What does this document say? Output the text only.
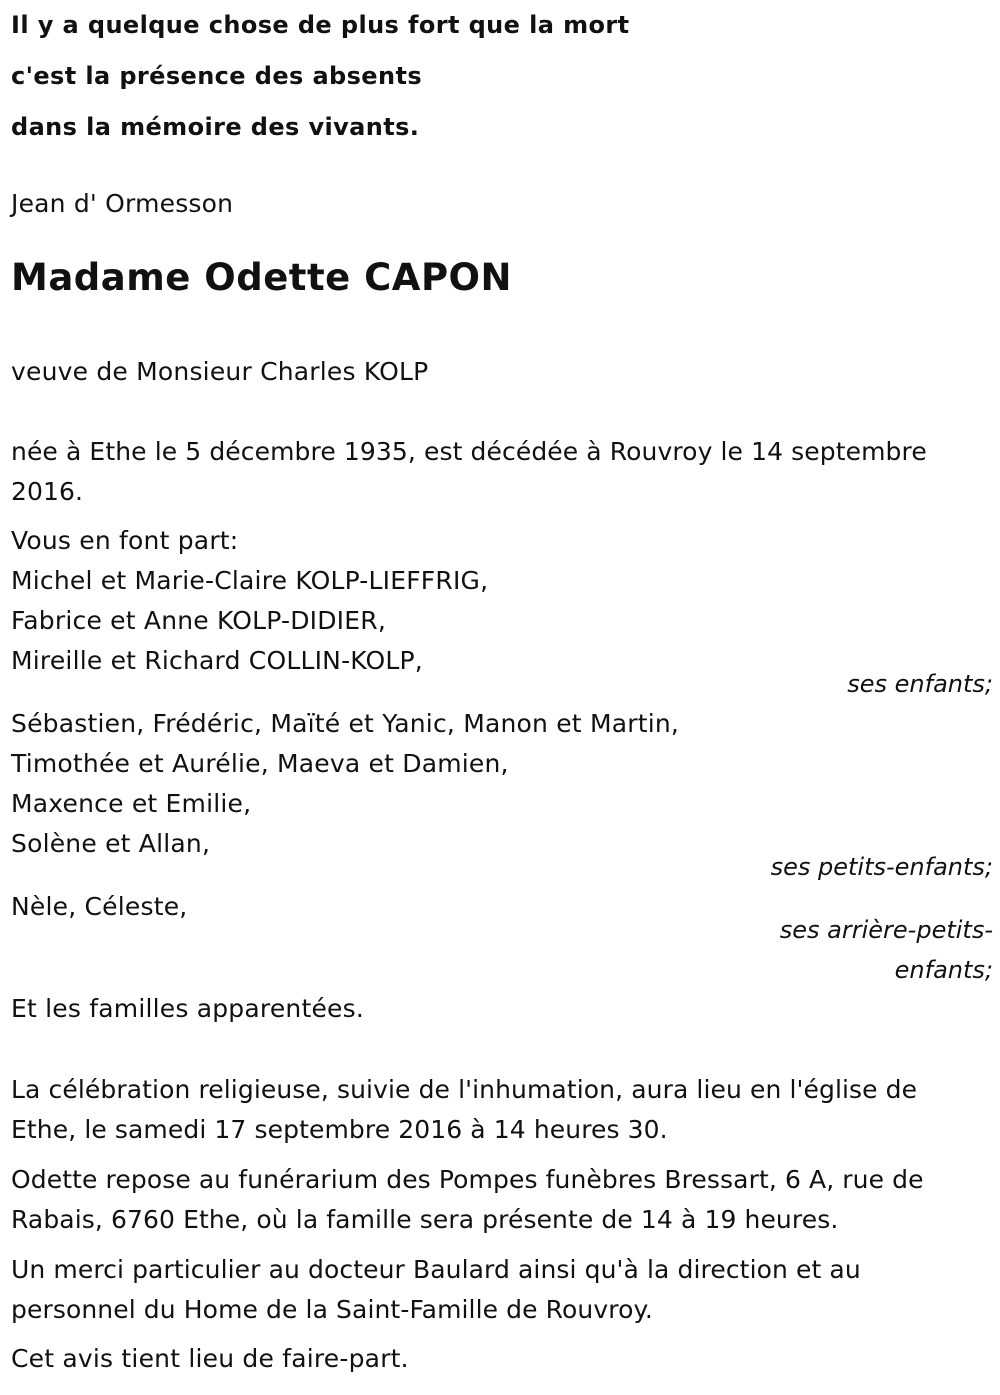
Il y a quelque chose de plus fort que la mort
c'est la présence des absents
dans la mémoire des vivants.
Jean d' Ormesson
Madame Odette CAPON
veuve de Monsieur Charles KOLP
née à Ethe le 5 décembre 1935, est décédée à Rouvroy le 14 septembre 2016.
Vous en font part:
Michel et Marie-Claire KOLP-LIEFFRIG,
Fabrice et Anne KOLP-DIDIER,
Mireille et Richard COLLIN-KOLP,
ses enfants;
Sébastien, Frédéric, Maïté et Yanic, Manon et Martin,
Timothée et Aurélie, Maeva et Damien,
Maxence et Emilie,
Solène et Allan,
ses petits-enfants;
Nèle, Céleste,
ses arrière-petits-
enfants;
Et les familles apparentées.
La célébration religieuse, suivie de l'inhumation, aura lieu en l'église de Ethe, le samedi 17 septembre 2016 à 14 heures 30.
Odette repose au funérarium des Pompes funèbres Bressart, 6 A, rue de Rabais, 6760 Ethe, où la famille sera présente de 14 à 19 heures.
Un merci particulier au docteur Baulard ainsi qu'à la direction et au personnel du Home de la Saint-Famille de Rouvroy.
Cet avis tient lieu de faire-part.
